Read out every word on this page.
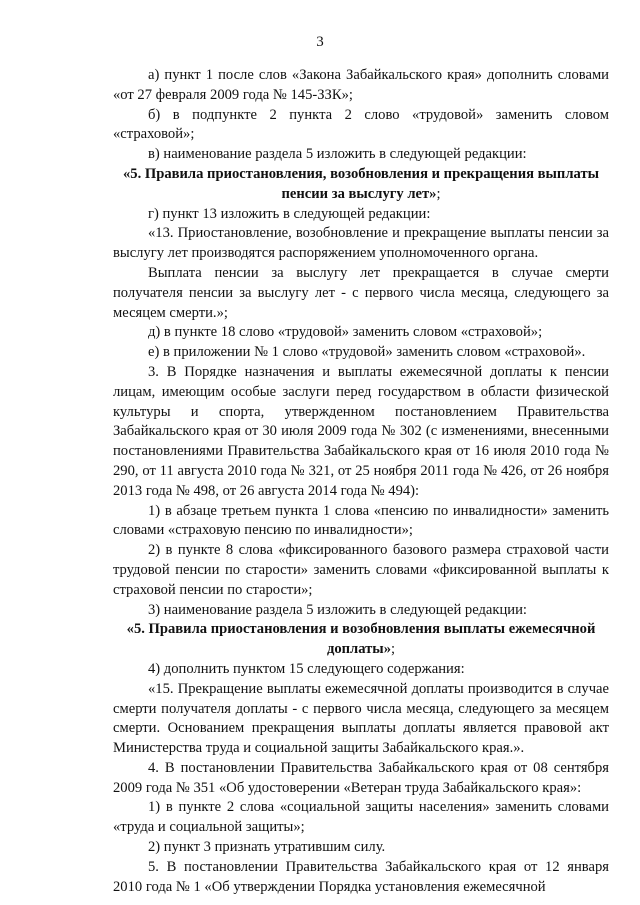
3

а) пункт 1 после слов «Закона Забайкальского края» дополнить словами «от 27 февраля 2009 года № 145-ЗЗК»;

б) в подпункте 2 пункта 2 слово «трудовой» заменить словом «страховой»;

в) наименование раздела 5 изложить в следующей редакции:

«5. Правила приостановления, возобновления и прекращения выплаты пенсии за выслугу лет»;

г) пункт 13 изложить в следующей редакции:

«13. Приостановление, возобновление и прекращение выплаты пенсии за выслугу лет производятся распоряжением уполномоченного органа.

Выплата пенсии за выслугу лет прекращается в случае смерти получателя пенсии за выслугу лет - с первого числа месяца, следующего за месяцем смерти.»;

д) в пункте 18 слово «трудовой» заменить словом «страховой»;

е) в приложении № 1 слово «трудовой» заменить словом «страховой».

3. В Порядке назначения и выплаты ежемесячной доплаты к пенсии лицам, имеющим особые заслуги перед государством в области физической культуры и спорта, утвержденном постановлением Правительства Забайкальского края от 30 июля 2009 года № 302 (с изменениями, внесенными постановлениями Правительства Забайкальского края от 16 июля 2010 года № 290, от 11 августа 2010 года № 321, от 25 ноября 2011 года № 426, от 26 ноября 2013 года № 498, от 26 августа 2014 года № 494):

1) в абзаце третьем пункта 1 слова «пенсию по инвалидности» заменить словами «страховую пенсию по инвалидности»;

2) в пункте 8 слова «фиксированного базового размера страховой части трудовой пенсии по старости» заменить словами «фиксированной выплаты к страховой пенсии по старости»;

3) наименование раздела 5 изложить в следующей редакции:

«5. Правила приостановления и возобновления выплаты ежемесячной доплаты»;

4) дополнить пунктом 15 следующего содержания:

«15. Прекращение выплаты ежемесячной доплаты производится в случае смерти получателя доплаты - с первого числа месяца, следующего за месяцем смерти. Основанием прекращения выплаты доплаты является правовой акт Министерства труда и социальной защиты Забайкальского края.».

4. В постановлении Правительства Забайкальского края от 08 сентября 2009 года № 351 «Об удостоверении «Ветеран труда Забайкальского края»:

1) в пункте 2 слова «социальной защиты населения» заменить словами «труда и социальной защиты»;

2) пункт 3 признать утратившим силу.

5. В постановлении Правительства Забайкальского края от 12 января 2010 года № 1 «Об утверждении Порядка установления ежемесячной
